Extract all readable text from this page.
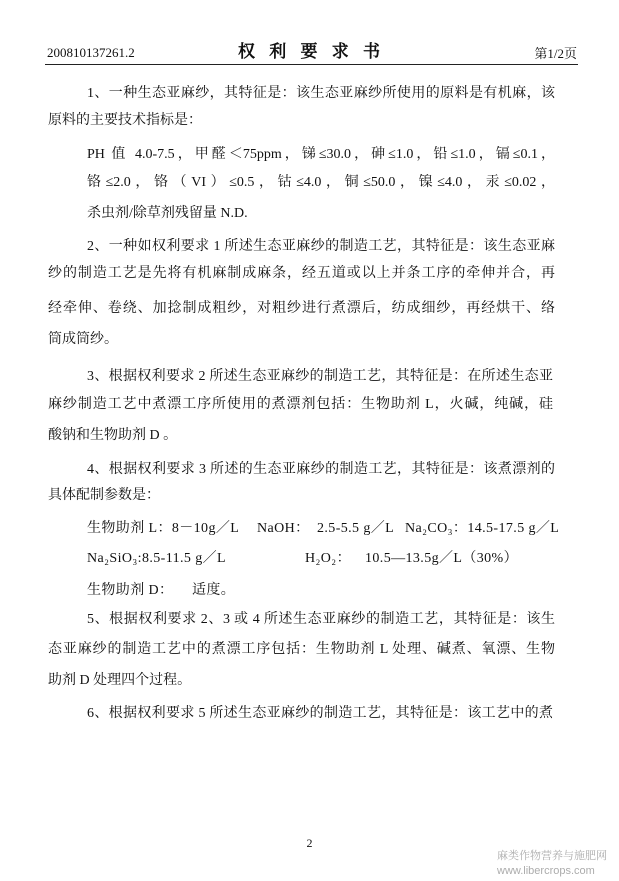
200810137261.2	权 利 要 求 书	第1/2页
1、一种生态亚麻纱，其特征是：该生态亚麻纱所使用的原料是有机麻，该
原料的主要技术指标是：
PH 值 4.0-7.5，甲醛＜75ppm，锑≤30.0，砷≤1.0，铅≤1.0，镉≤0.1，
铬≤2.0，铬（VI）≤0.5，钴≤4.0，铜≤50.0，镍≤4.0，汞≤0.02，
杀虫剂/除草剂残留量 N.D.
2、一种如权利要求 1 所述生态亚麻纱的制造工艺，其特征是：该生态亚麻
纱的制造工艺是先将有机麻制成麻条，经五道或以上并条工序的牵伸并合，再
经牵伸、卷绕、加捻制成粗纱，对粗纱进行煮漂后，纺成细纱，再经烘干、络
筒成筒纱。
3、根据权利要求 2 所述生态亚麻纱的制造工艺，其特征是：在所述生态亚
麻纱制造工艺中煮漂工序所使用的煮漂剂包括：生物助剂 L，火碱，纯碱，硅
酸钠和生物助剂 D 。
4、根据权利要求 3 所述的生态亚麻纱的制造工艺，其特征是：该煮漂剂的
具体配制参数是：
生物助剂 L：8－10g／L NaOH： 2.5-5.5 g／L Na₂CO₃：14.5-17.5 g／L
Na₂SiO₃:8.5-11.5 g／L	H₂O₂： 10.5—13.5g／L（30%）
生物助剂 D： 适度。
5、根据权利要求 2、3 或 4 所述生态亚麻纱的制造工艺，其特征是：该生
态亚麻纱的制造工艺中的煮漂工序包括：生物助剂 L 处理、碱煮、氧漂、生物
助剂 D 处理四个过程。
6、根据权利要求 5 所述生态亚麻纱的制造工艺，其特征是：该工艺中的煮
2
麻类作物营养与施肥网
www.libercrops.com
